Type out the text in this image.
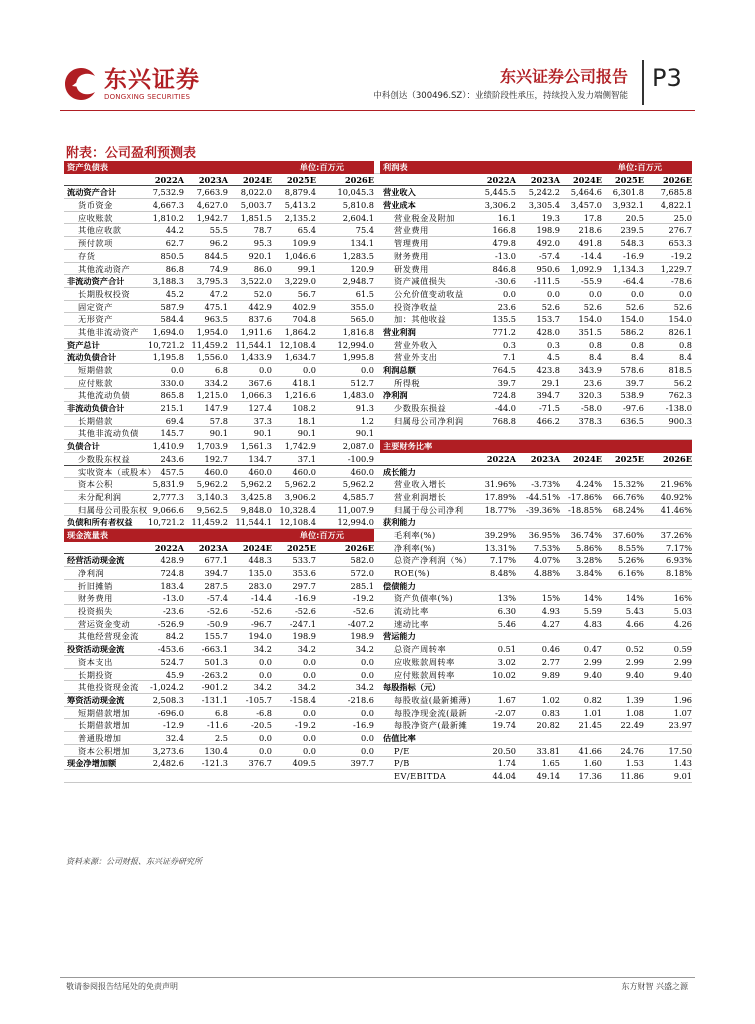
东兴证券
DONGXING SECURITIES
东兴证券公司报告
中科创达（300496.SZ）：业绩阶段性承压，持续投入发力端侧智能
P3
附表：公司盈利预测表
资产负债表	单位:百万元	利润表	单位:百万元
2022A	2023A	2024E	2025E	2026E	2022A	2023A	2024E	2025E	2026E
流动资产合计	7,532.9	7,663.9	8,022.0	8,879.4	10,045.3	营业收入	5,445.5	5,242.2	5,464.6	6,301.8	7,685.8
货币资金	4,667.3	4,627.0	5,003.7	5,413.2	5,810.8	营业成本	3,306.2	3,305.4	3,457.0	3,932.1	4,822.1
应收账款	1,810.2	1,942.7	1,851.5	2,135.2	2,604.1	营业税金及附加	16.1	19.3	17.8	20.5	25.0
其他应收款	44.2	55.5	78.7	65.4	75.4	营业费用	166.8	198.9	218.6	239.5	276.7
预付款项	62.7	96.2	95.3	109.9	134.1	管理费用	479.8	492.0	491.8	548.3	653.3
存货	850.5	844.5	920.1	1,046.6	1,283.5	财务费用	-13.0	-57.4	-14.4	-16.9	-19.2
其他流动资产	86.8	74.9	86.0	99.1	120.9	研发费用	846.8	950.6	1,092.9	1,134.3	1,229.7
非流动资产合计	3,188.3	3,795.3	3,522.0	3,229.0	2,948.7	资产减值损失	-30.6	-111.5	-55.9	-64.4	-78.6
长期股权投资	45.2	47.2	52.0	56.7	61.5	公允价值变动收益	0.0	0.0	0.0	0.0	0.0
固定资产	587.9	475.1	442.9	402.9	355.0	投资净收益	23.6	52.6	52.6	52.6	52.6
无形资产	584.4	963.5	837.6	704.8	565.0	加：其他收益	135.5	153.7	154.0	154.0	154.0
其他非流动资产	1,694.0	1,954.0	1,911.6	1,864.2	1,816.8	营业利润	771.2	428.0	351.5	586.2	826.1
资产总计	10,721.2 11,459.2 11,544.1 12,108.4	12,994.0	营业外收入	0.3	0.3	0.8	0.8	0.8
流动负债合计	1,195.8	1,556.0	1,433.9	1,634.7	1,995.8	营业外支出	7.1	4.5	8.4	8.4	8.4
短期借款	0.0	6.8	0.0	0.0	0.0	利润总额	764.5	423.8	343.9	578.6	818.5
应付账款	330.0	334.2	367.6	418.1	512.7	所得税	39.7	29.1	23.6	39.7	56.2
其他流动负债	865.8	1,215.0	1,066.3	1,216.6	1,483.0	净利润	724.8	394.7	320.3	538.9	762.3
非流动负债合计	215.1	147.9	127.4	108.2	91.3	少数股东损益	-44.0	-71.5	-58.0	-97.6	-138.0
长期借款	69.4	57.8	37.3	18.1	1.2	归属母公司净利润	768.8	466.2	378.3	636.5	900.3
其他非流动负债	145.7	90.1	90.1	90.1	90.1
负债合计	1,410.9	1,703.9	1,561.3	1,742.9	2,087.0	主要财务比率
少数股东权益	243.6	192.7	134.7	37.1	-100.9	2022A	2023A	2024E	2025E	2026E
实收资本（或股本） 457.5	460.0	460.0	460.0	460.0	成长能力
资本公积	5,831.9	5,962.2	5,962.2	5,962.2	5,962.2	营业收入增长	31.96%	-3.73%	4.24%	15.32%	21.96%
未分配利润	2,777.3	3,140.3	3,425.8	3,906.2	4,585.7	营业利润增长	17.89%	-44.51% -17.86%	66.76%	40.92%
归属母公司股东权 9,066.6	9,562.5	9,848.0 10,328.4	11,007.9	归属于母公司净利	18.77%	-39.36% -18.85%	68.24%	41.46%
负债和所有者权益	10,721.2 11,459.2 11,544.1 12,108.4	12,994.0	获利能力
现金流量表	单位:百万元	毛利率(%)	39.29%	36.95%	36.74%	37.60%	37.26%
2022A	2023A	2024E	2025E	2026E	净利率(%)	13.31%	7.53%	5.86%	8.55%	7.17%
经营活动现金流	428.9	677.1	448.3	533.7	582.0	总资产净利润（%）	7.17%	4.07%	3.28%	5.26%	6.93%
净利润	724.8	394.7	135.0	353.6	572.0	ROE(%)	8.48%	4.88%	3.84%	6.16%	8.18%
折旧摊销	183.4	287.5	283.0	297.7	285.1	偿债能力
财务费用	-13.0	-57.4	-14.4	-16.9	-19.2	资产负债率(%)	13%	15%	14%	14%	16%
投资损失	-23.6	-52.6	-52.6	-52.6	-52.6	流动比率	6.30	4.93	5.59	5.43	5.03
营运资金变动	-526.9	-50.9	-96.7	-247.1	-407.2	速动比率	5.46	4.27	4.83	4.66	4.26
其他经营现金流	84.2	155.7	194.0	198.9	198.9	营运能力
投资活动现金流	-453.6	-663.1	34.2	34.2	34.2	总资产周转率	0.51	0.46	0.47	0.52	0.59
资本支出	524.7	501.3	0.0	0.0	0.0	应收账款周转率	3.02	2.77	2.99	2.99	2.99
长期投资	45.9	-263.2	0.0	0.0	0.0	应付账款周转率	10.02	9.89	9.40	9.40	9.40
其他投资现金流	-1,024.2	-901.2	34.2	34.2	34.2	每股指标（元）
筹资活动现金流	2,508.3	-131.1	-105.7	-158.4	-218.6	每股收益(最新摊薄)	1.67	1.02	0.82	1.39	1.96
短期借款增加	-696.0	6.8	-6.8	0.0	0.0	每股净现金流(最新	-2.07	0.83	1.01	1.08	1.07
长期借款增加	-12.9	-11.6	-20.5	-19.2	-16.9	每股净资产(最新摊	19.74	20.82	21.45	22.49	23.97
普通股增加	32.4	2.5	0.0	0.0	0.0	估值比率
资本公积增加	3,273.6	130.4	0.0	0.0	0.0	P/E	20.50	33.81	41.66	24.76	17.50
现金净增加额	2,482.6	-121.3	376.7	409.5	397.7	P/B	1.74	1.65	1.60	1.53	1.43
EV/EBITDA	44.04	49.14	17.36	11.86	9.01
资料来源：公司财报、东兴证券研究所
敬请参阅报告结尾处的免责声明	东方财智 兴盛之源
